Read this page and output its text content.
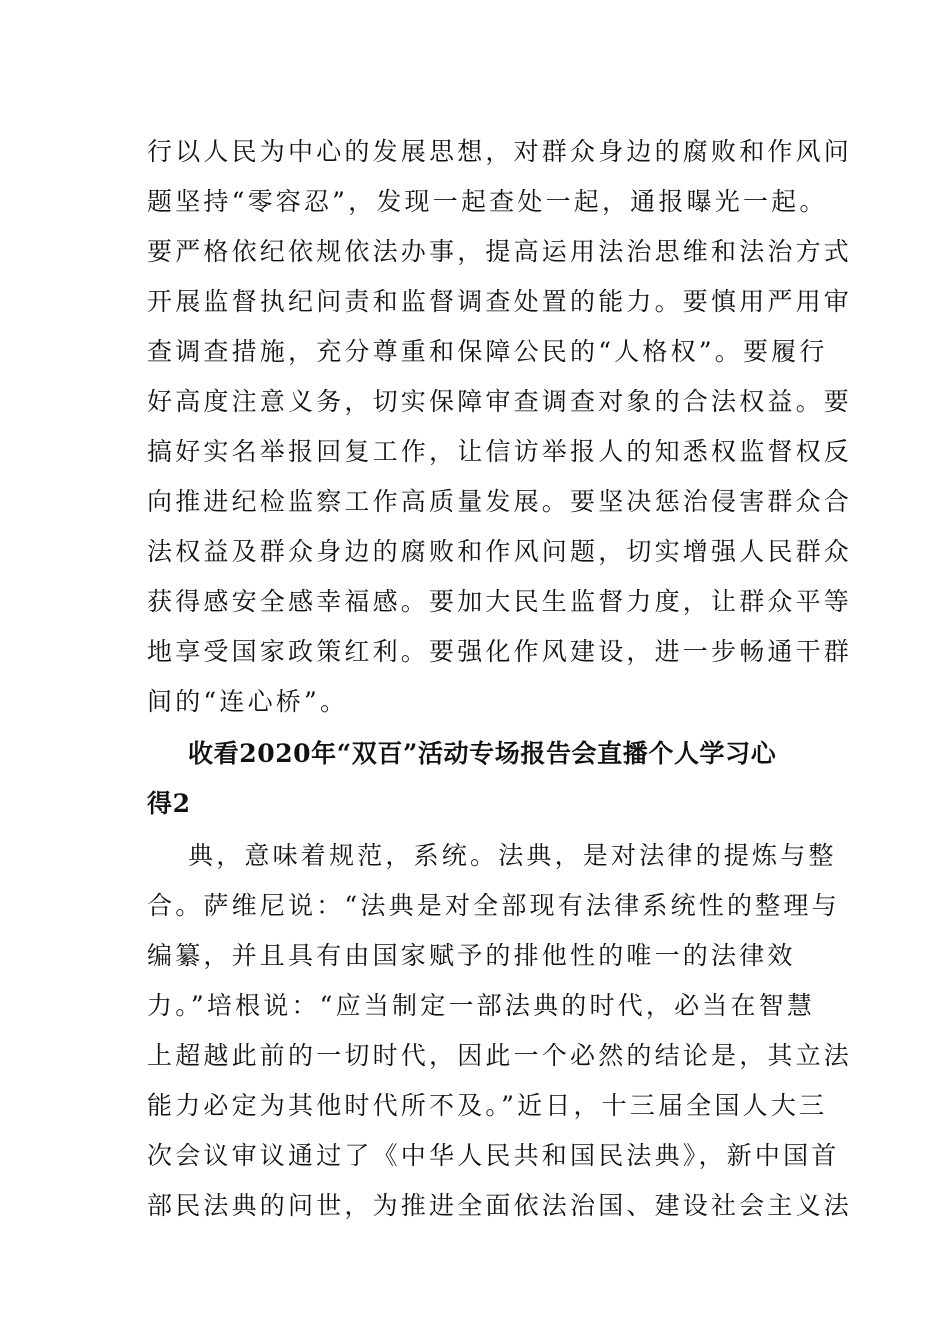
行以人民为中心的发展思想，对群众身边的腐败和作风问
题坚持“零容忍”，发现一起查处一起，通报曝光一起。
要严格依纪依规依法办事，提高运用法治思维和法治方式
开展监督执纪问责和监督调查处置的能力。要慎用严用审
查调查措施，充分尊重和保障公民的“人格权”。要履行
好高度注意义务，切实保障审查调查对象的合法权益。要
搞好实名举报回复工作，让信访举报人的知悉权监督权反
向推进纪检监察工作高质量发展。要坚决惩治侵害群众合
法权益及群众身边的腐败和作风问题，切实增强人民群众
获得感安全感幸福感。要加大民生监督力度，让群众平等
地享受国家政策红利。要强化作风建设，进一步畅通干群
间的“连心桥”。
收看2020年“双百”活动专场报告会直播个人学习心
得2
典，意味着规范，系统。法典，是对法律的提炼与整
合。萨维尼说：“法典是对全部现有法律系统性的整理与
编纂，并且具有由国家赋予的排他性的唯一的法律效
力。”培根说：“应当制定一部法典的时代，必当在智慧
上超越此前的一切时代，因此一个必然的结论是，其立法
能力必定为其他时代所不及。”近日，十三届全国人大三
次会议审议通过了《中华人民共和国民法典》，新中国首
部民法典的问世，为推进全面依法治国、建设社会主义法
